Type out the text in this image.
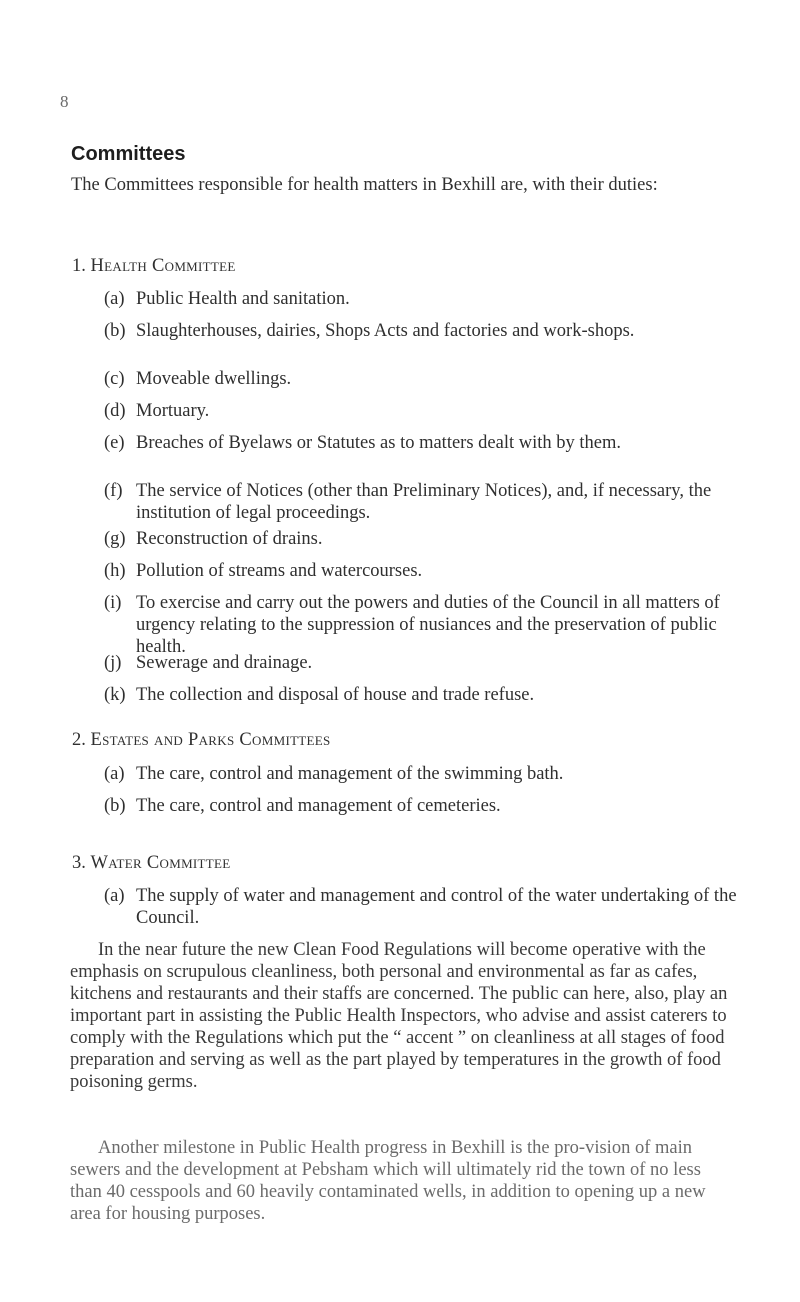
8
Committees
The Committees responsible for health matters in Bexhill are, with their duties:
1. Health Committee
(a) Public Health and sanitation.
(b) Slaughterhouses, dairies, Shops Acts and factories and work-shops.
(c) Moveable dwellings.
(d) Mortuary.
(e) Breaches of Byelaws or Statutes as to matters dealt with by them.
(f) The service of Notices (other than Preliminary Notices), and, if necessary, the institution of legal proceedings.
(g) Reconstruction of drains.
(h) Pollution of streams and watercourses.
(i) To exercise and carry out the powers and duties of the Council in all matters of urgency relating to the suppression of nusiances and the preservation of public health.
(j) Sewerage and drainage.
(k) The collection and disposal of house and trade refuse.
2. Estates and Parks Committees
(a) The care, control and management of the swimming bath.
(b) The care, control and management of cemeteries.
3. Water Committee
(a) The supply of water and management and control of the water undertaking of the Council.
In the near future the new Clean Food Regulations will become operative with the emphasis on scrupulous cleanliness, both personal and environmental as far as cafes, kitchens and restaurants and their staffs are concerned. The public can here, also, play an important part in assisting the Public Health Inspectors, who advise and assist caterers to comply with the Regulations which put the “ accent ” on cleanliness at all stages of food preparation and serving as well as the part played by temperatures in the growth of food poisoning germs.
Another milestone in Public Health progress in Bexhill is the pro-vision of main sewers and the development at Pebsham which will ultimately rid the town of no less than 40 cesspools and 60 heavily contaminated wells, in addition to opening up a new area for housing purposes.
